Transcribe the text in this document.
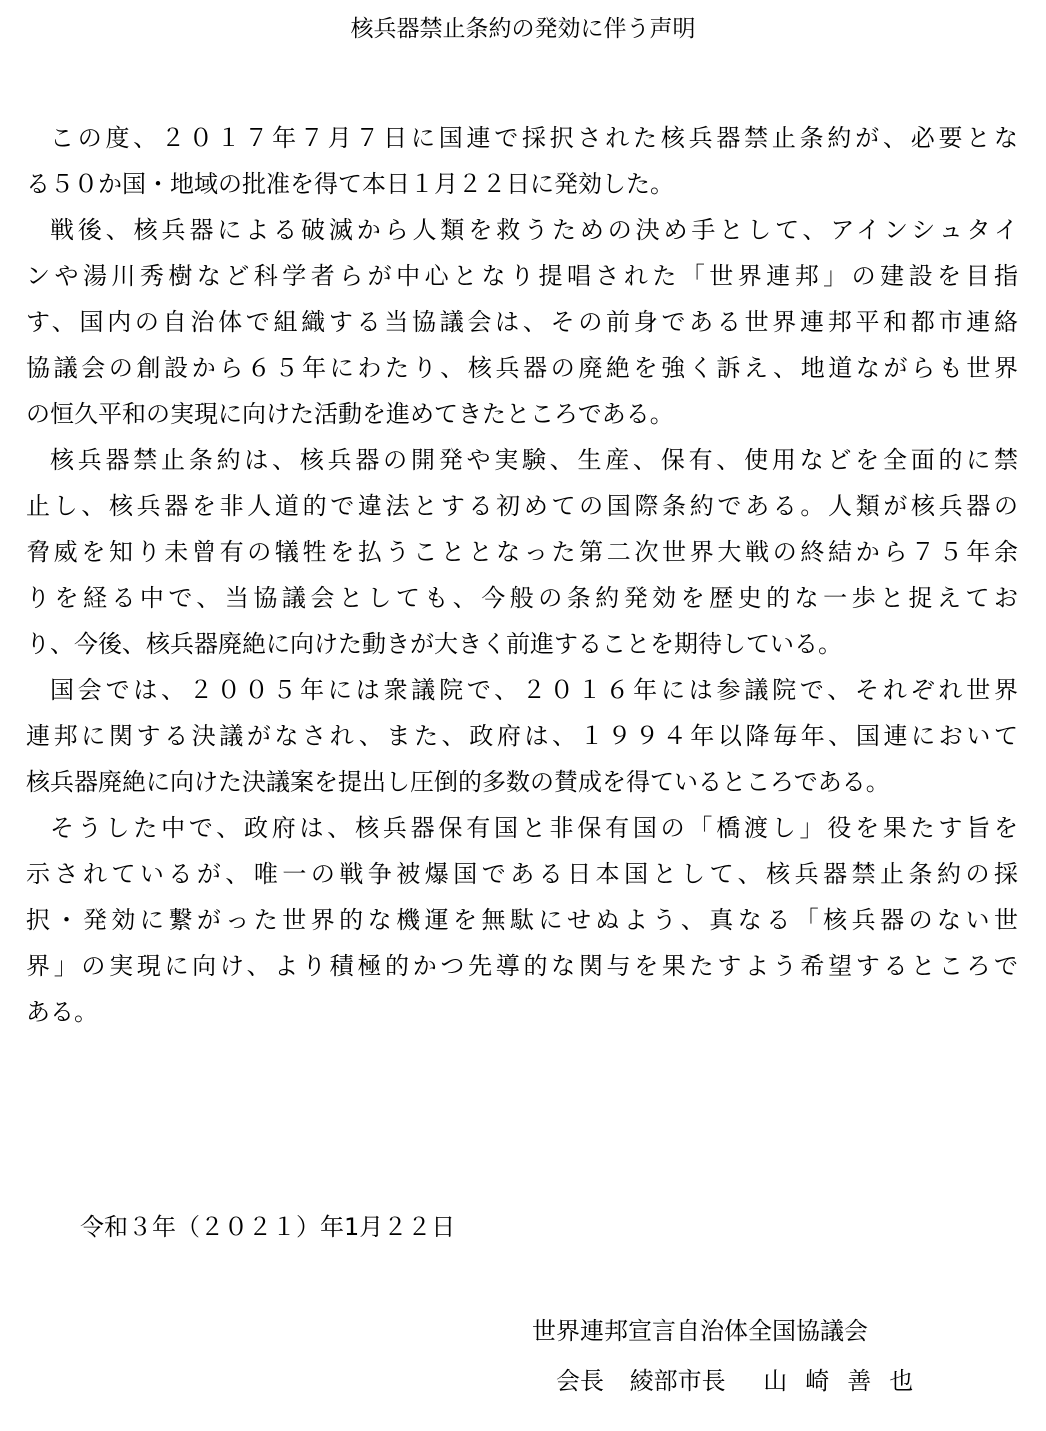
核兵器禁止条約の発効に伴う声明
この度、２０１７年７月７日に国連で採択された核兵器禁止条約が、必要とな
る５０か国・地域の批准を得て本日１月２２日に発効した。
戦後、核兵器による破滅から人類を救うための決め手として、アインシュタイ
ンや湯川秀樹など科学者らが中心となり提唱された「世界連邦」の建設を目指
す、国内の自治体で組織する当協議会は、その前身である世界連邦平和都市連絡
協議会の創設から６５年にわたり、核兵器の廃絶を強く訴え、地道ながらも世界
の恒久平和の実現に向けた活動を進めてきたところである。
核兵器禁止条約は、核兵器の開発や実験、生産、保有、使用などを全面的に禁
止し、核兵器を非人道的で違法とする初めての国際条約である。人類が核兵器の
脅威を知り未曾有の犠牲を払うこととなった第二次世界大戦の終結から７５年余
りを経る中で、当協議会としても、今般の条約発効を歴史的な一歩と捉えてお
り、今後、核兵器廃絶に向けた動きが大きく前進することを期待している。
国会では、２００５年には衆議院で、２０１６年には参議院で、それぞれ世界
連邦に関する決議がなされ、また、政府は、１９９４年以降毎年、国連において
核兵器廃絶に向けた決議案を提出し圧倒的多数の賛成を得ているところである。
そうした中で、政府は、核兵器保有国と非保有国の「橋渡し」役を果たす旨を
示されているが、唯一の戦争被爆国である日本国として、核兵器禁止条約の採
択・発効に繋がった世界的な機運を無駄にせぬよう、真なる「核兵器のない世
界」の実現に向け、より積極的かつ先導的な関与を果たすよう希望するところで
ある。
令和３年（２０２１）年1月２２日
世界連邦宣言自治体全国協議会
会長 綾部市長 山崎善也
